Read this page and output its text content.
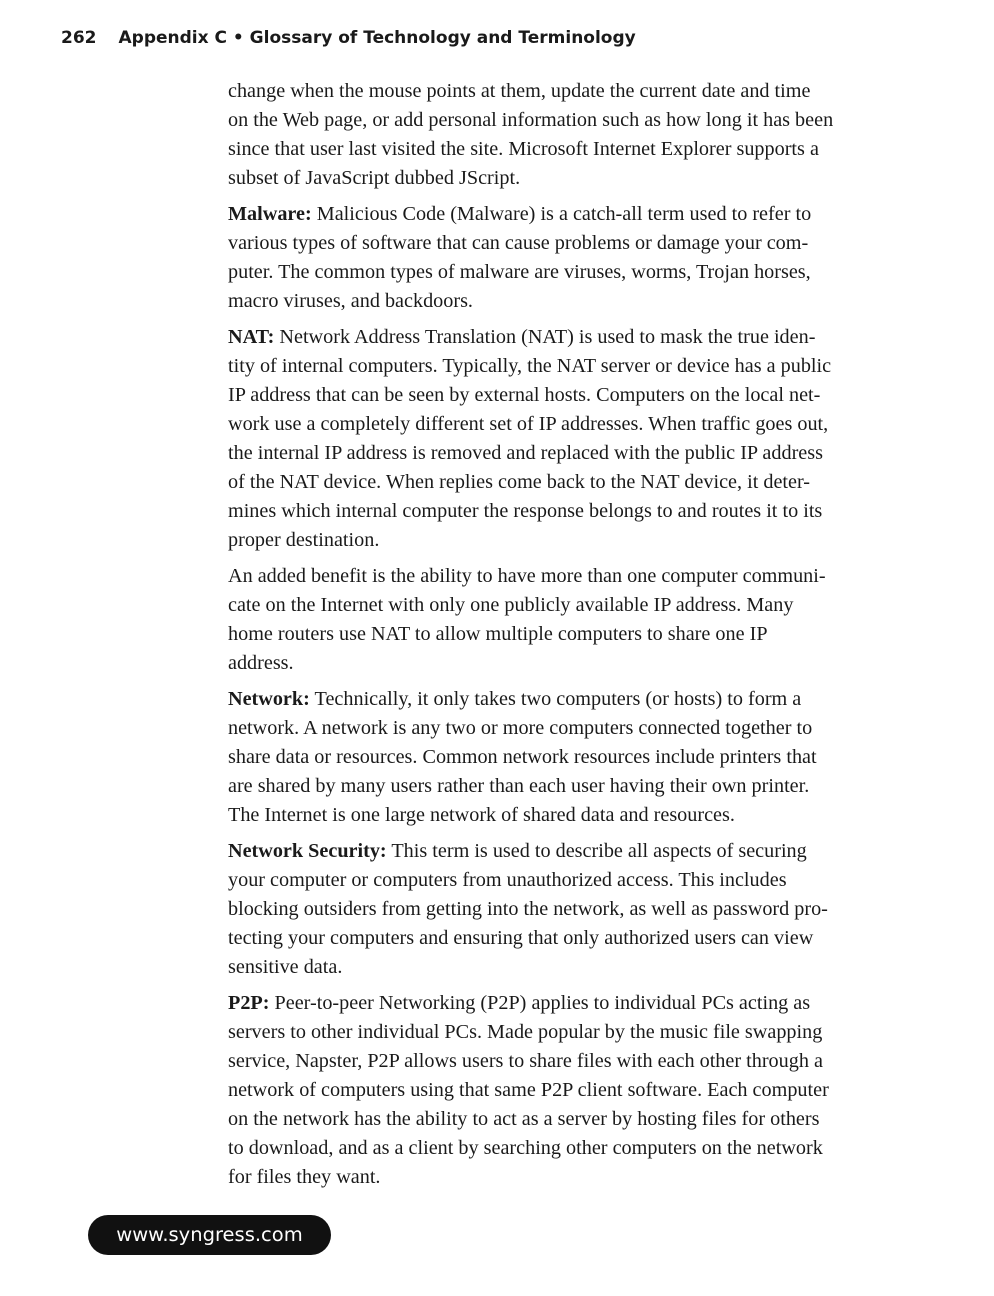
262 Appendix C • Glossary of Technology and Terminology
change when the mouse points at them, update the current date and time
on the Web page, or add personal information such as how long it has been
since that user last visited the site. Microsoft Internet Explorer supports a
subset of JavaScript dubbed JScript.
Malware: Malicious Code (Malware) is a catch-all term used to refer to
various types of software that can cause problems or damage your com-
puter. The common types of malware are viruses, worms, Trojan horses,
macro viruses, and backdoors.
NAT: Network Address Translation (NAT) is used to mask the true iden-
tity of internal computers. Typically, the NAT server or device has a public
IP address that can be seen by external hosts. Computers on the local net-
work use a completely different set of IP addresses. When traffic goes out,
the internal IP address is removed and replaced with the public IP address
of the NAT device. When replies come back to the NAT device, it deter-
mines which internal computer the response belongs to and routes it to its
proper destination.
An added benefit is the ability to have more than one computer communi-
cate on the Internet with only one publicly available IP address. Many
home routers use NAT to allow multiple computers to share one IP
address.
Network: Technically, it only takes two computers (or hosts) to form a
network. A network is any two or more computers connected together to
share data or resources. Common network resources include printers that
are shared by many users rather than each user having their own printer.
The Internet is one large network of shared data and resources.
Network Security: This term is used to describe all aspects of securing
your computer or computers from unauthorized access. This includes
blocking outsiders from getting into the network, as well as password pro-
tecting your computers and ensuring that only authorized users can view
sensitive data.
P2P: Peer-to-peer Networking (P2P) applies to individual PCs acting as
servers to other individual PCs. Made popular by the music file swapping
service, Napster, P2P allows users to share files with each other through a
network of computers using that same P2P client software. Each computer
on the network has the ability to act as a server by hosting files for others
to download, and as a client by searching other computers on the network
for files they want.
www.syngress.com
